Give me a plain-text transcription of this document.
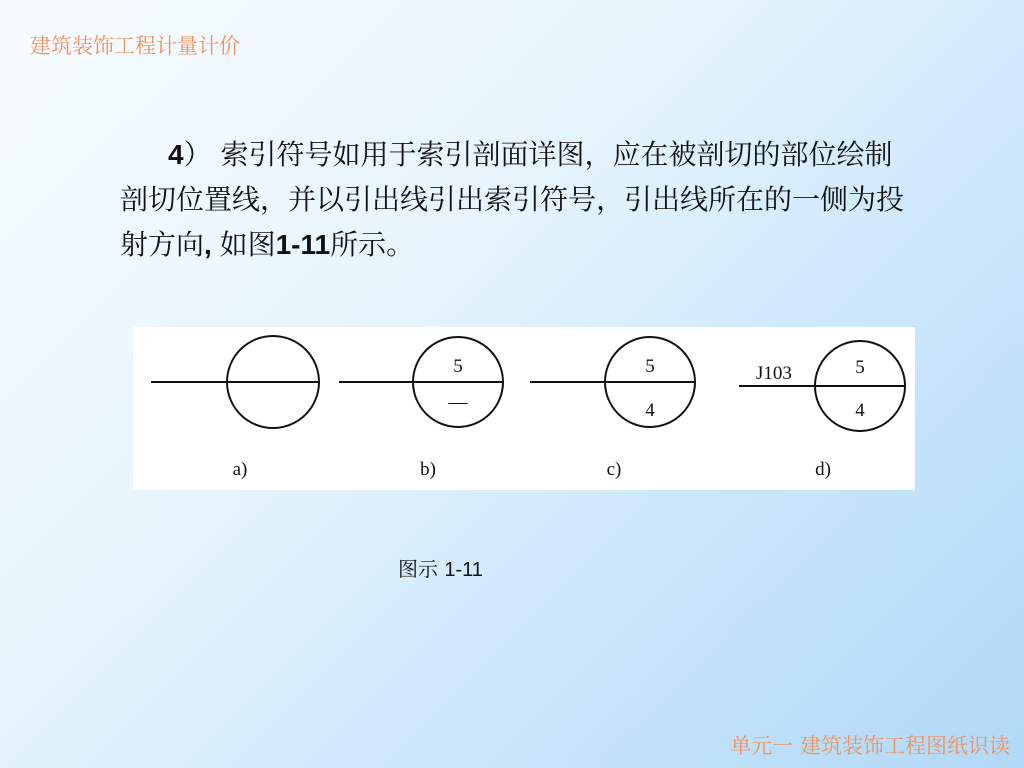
建筑装饰工程计量计价
4） 索引符号如用于索引剖面详图，应在被剖切的部位绘制剖切位置线，并以引出线引出索引符号，引出线所在的一侧为投射方向, 如图1-11所示。
5
—
5
4
J103	5
4
a)	b)	c)	d)
图示 1-11
单元一 建筑装饰工程图纸识读
